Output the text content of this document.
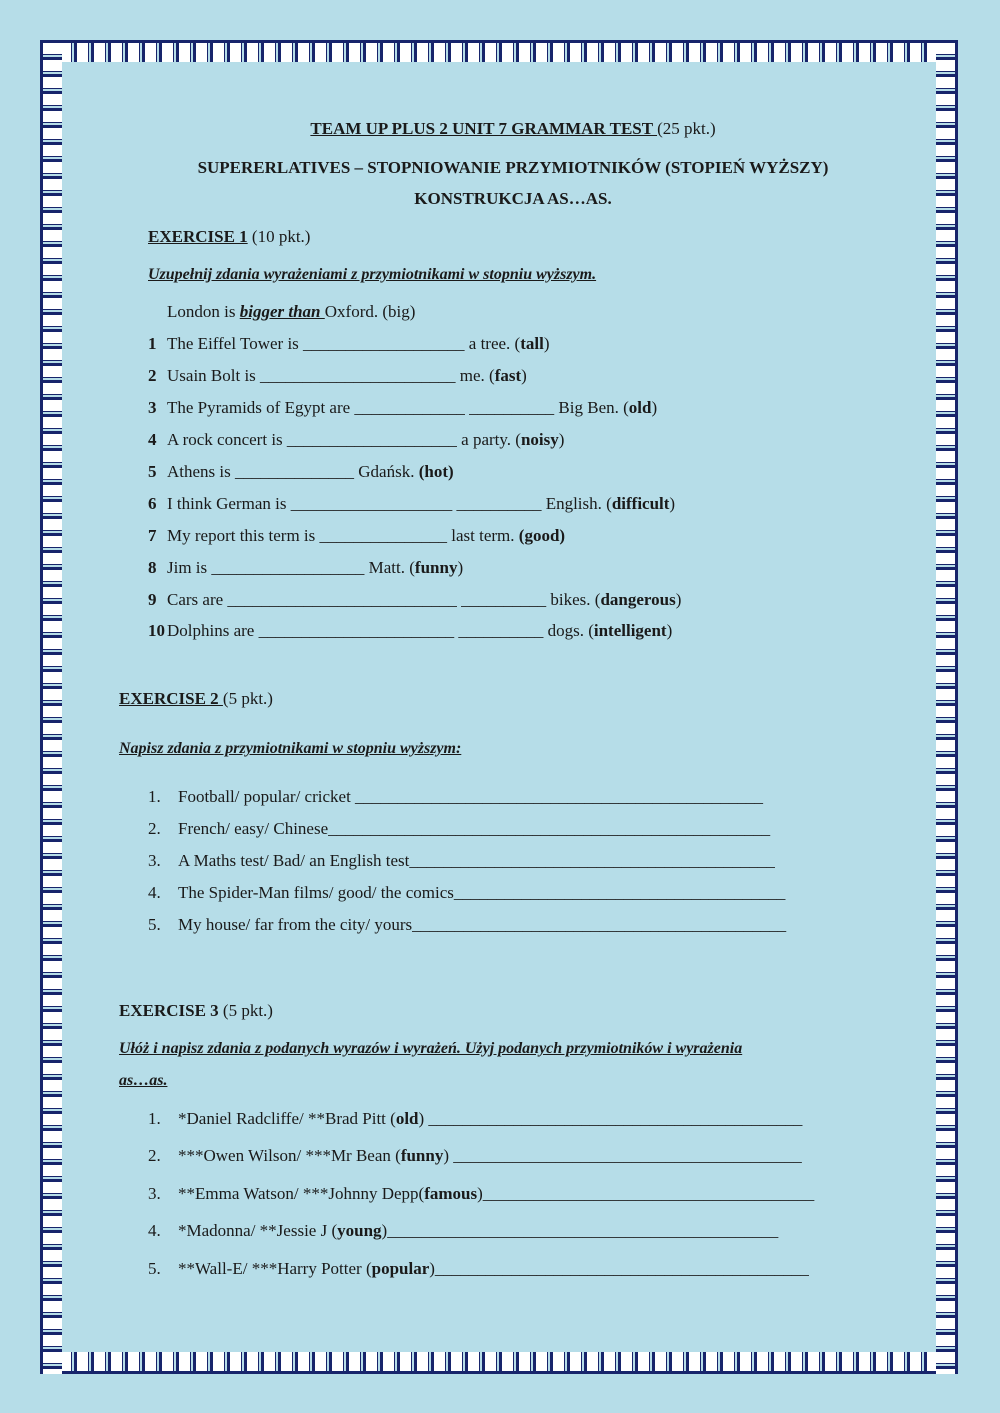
TEAM UP PLUS 2 UNIT 7 GRAMMAR TEST (25 pkt.)
SUPERERLATIVES – STOPNIOWANIE PRZYMIOTNIKÓW (STOPIEŃ WYŻSZY)
KONSTRUKCJA AS…AS.
EXERCISE 1 (10 pkt.)
Uzupełnij zdania wyrażeniami z przymiotnikami w stopniu wyższym.
London is bigger than Oxford. (big)
1 The Eiffel Tower is ___________________ a tree. (tall)
2 Usain Bolt is _______________________ me. (fast)
3 The Pyramids of Egypt are _____________ __________ Big Ben. (old)
4 A rock concert is ____________________ a party. (noisy)
5 Athens is ______________ Gdańsk. (hot)
6 I think German is ___________________ __________ English. (difficult)
7 My report this term is _______________ last term. (good)
8 Jim is __________________ Matt. (funny)
9 Cars are ___________________________ __________ bikes. (dangerous)
10 Dolphins are _______________________ __________ dogs. (intelligent)
EXERCISE 2 (5 pkt.)
Napisz zdania z przymiotnikami w stopniu wyższym:
1. Football/ popular/ cricket ________________________________________________
2. French/ easy/ Chinese____________________________________________________
3. A Maths test/ Bad/ an English test___________________________________________
4. The Spider-Man films/ good/ the comics_______________________________________
5. My house/ far from the city/ yours____________________________________________
EXERCISE 3 (5 pkt.)
Ułóż i napisz zdania z podanych wyrazów i wyrażeń. Użyj podanych przymiotników i wyrażenia
as…as.
1. *Daniel Radcliffe/ **Brad Pitt (old) ____________________________________________
2. ***Owen Wilson/ ***Mr Bean (funny) _________________________________________
3. **Emma Watson/ ***Johnny Depp(famous)_______________________________________
4. *Madonna/ **Jessie J (young)______________________________________________
5. **Wall-E/ ***Harry Potter (popular)____________________________________________
